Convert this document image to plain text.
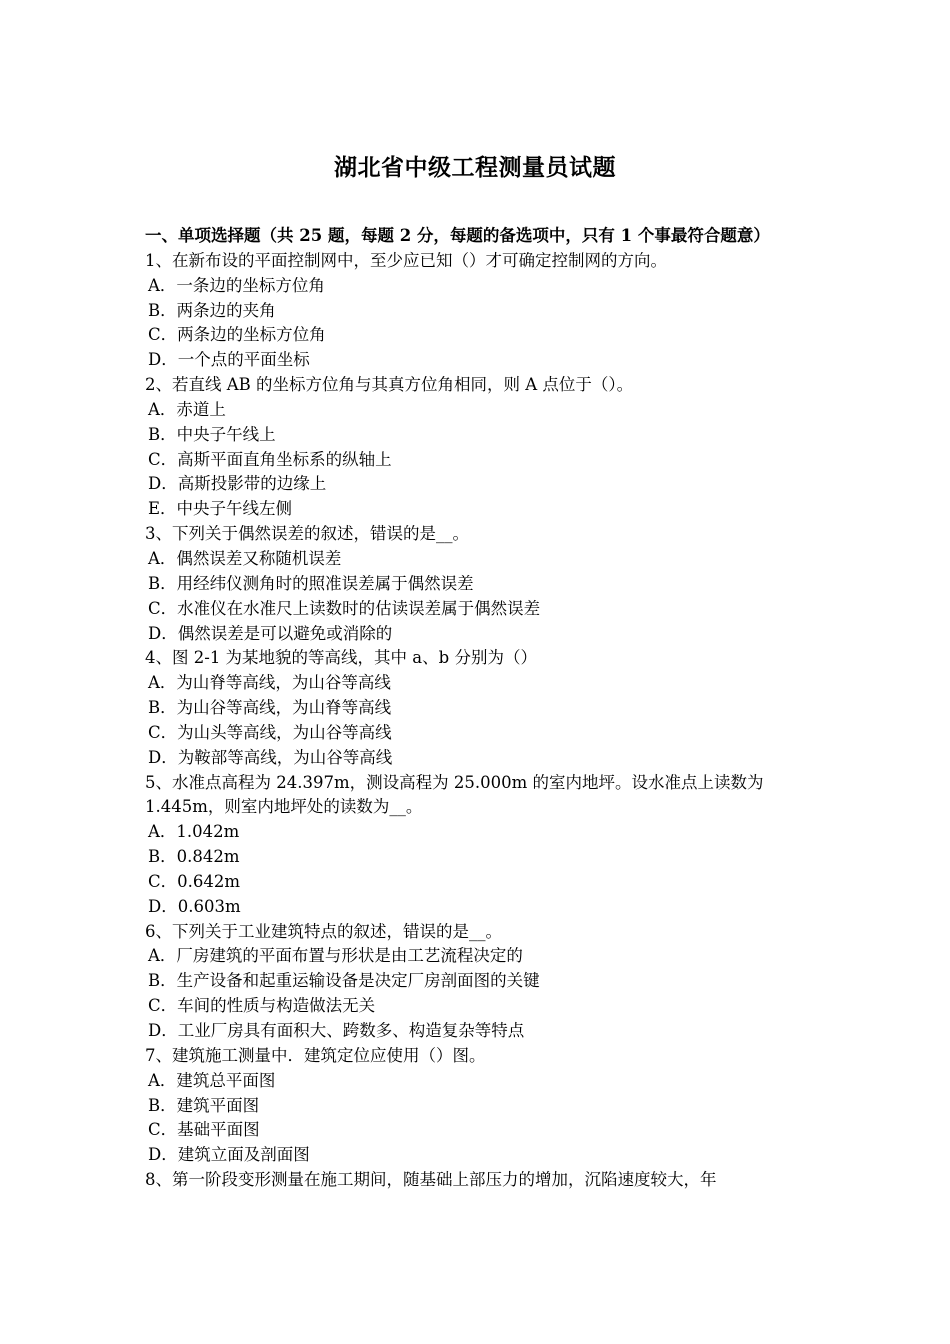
湖北省中级工程测量员试题

一、单项选择题（共 25 题，每题 2 分，每题的备选项中，只有 1 个事最符合题意）

1、在新布设的平面控制网中，至少应已知（）才可确定控制网的方向。

A．一条边的坐标方位角

B．两条边的夹角

C．两条边的坐标方位角

D．一个点的平面坐标

2、若直线 AB 的坐标方位角与其真方位角相同，则 A 点位于（）。

A．赤道上

B．中央子午线上

C．高斯平面直角坐标系的纵轴上

D．高斯投影带的边缘上

E．中央子午线左侧

3、下列关于偶然误差的叙述，错误的是__。

A．偶然误差又称随机误差

B．用经纬仪测角时的照准误差属于偶然误差

C．水准仪在水准尺上读数时的估读误差属于偶然误差

D．偶然误差是可以避免或消除的

4、图 2-1 为某地貌的等高线，其中 a、b 分别为（）

A．为山脊等高线，为山谷等高线

B．为山谷等高线，为山脊等高线

C．为山头等高线，为山谷等高线

D．为鞍部等高线，为山谷等高线

5、水准点高程为 24.397m，测设高程为 25.000m 的室内地坪。设水准点上读数为 1.445m，则室内地坪处的读数为__。

A．1.042m

B．0.842m

C．0.642m

D．0.603m

6、下列关于工业建筑特点的叙述，错误的是__。

A．厂房建筑的平面布置与形状是由工艺流程决定的

B．生产设备和起重运输设备是决定厂房剖面图的关键

C．车间的性质与构造做法无关

D．工业厂房具有面积大、跨数多、构造复杂等特点

7、建筑施工测量中．建筑定位应使用（）图。

A．建筑总平面图

B．建筑平面图

C．基础平面图

D．建筑立面及剖面图

8、第一阶段变形测量在施工期间，随基础上部压力的增加，沉陷速度较大，年
